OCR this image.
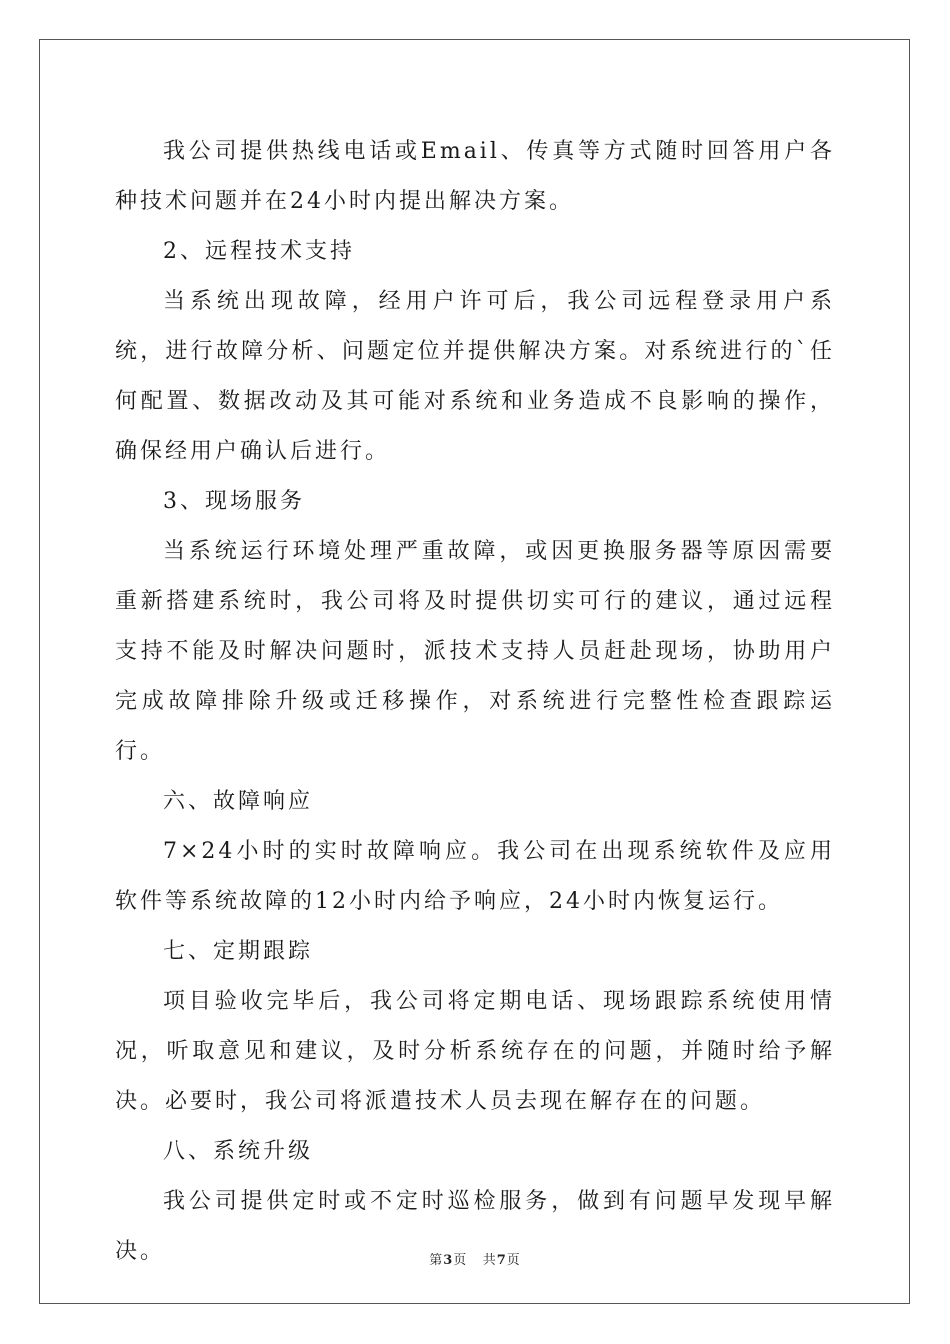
我公司提供热线电话或Email、传真等方式随时回答用户各种技术问题并在24小时内提出解决方案。

2、远程技术支持

当系统出现故障，经用户许可后，我公司远程登录用户系统，进行故障分析、问题定位并提供解决方案。对系统进行的`任何配置、数据改动及其可能对系统和业务造成不良影响的操作，确保经用户确认后进行。

3、现场服务

当系统运行环境处理严重故障，或因更换服务器等原因需要重新搭建系统时，我公司将及时提供切实可行的建议，通过远程支持不能及时解决问题时，派技术支持人员赶赴现场，协助用户完成故障排除升级或迁移操作，对系统进行完整性检查跟踪运行。

六、故障响应

7×24小时的实时故障响应。我公司在出现系统软件及应用软件等系统故障的12小时内给予响应，24小时内恢复运行。

七、定期跟踪

项目验收完毕后，我公司将定期电话、现场跟踪系统使用情况，听取意见和建议，及时分析系统存在的问题，并随时给予解决。必要时，我公司将派遣技术人员去现在解存在的问题。

八、系统升级

我公司提供定时或不定时巡检服务，做到有问题早发现早解决。	第3页 共7页
